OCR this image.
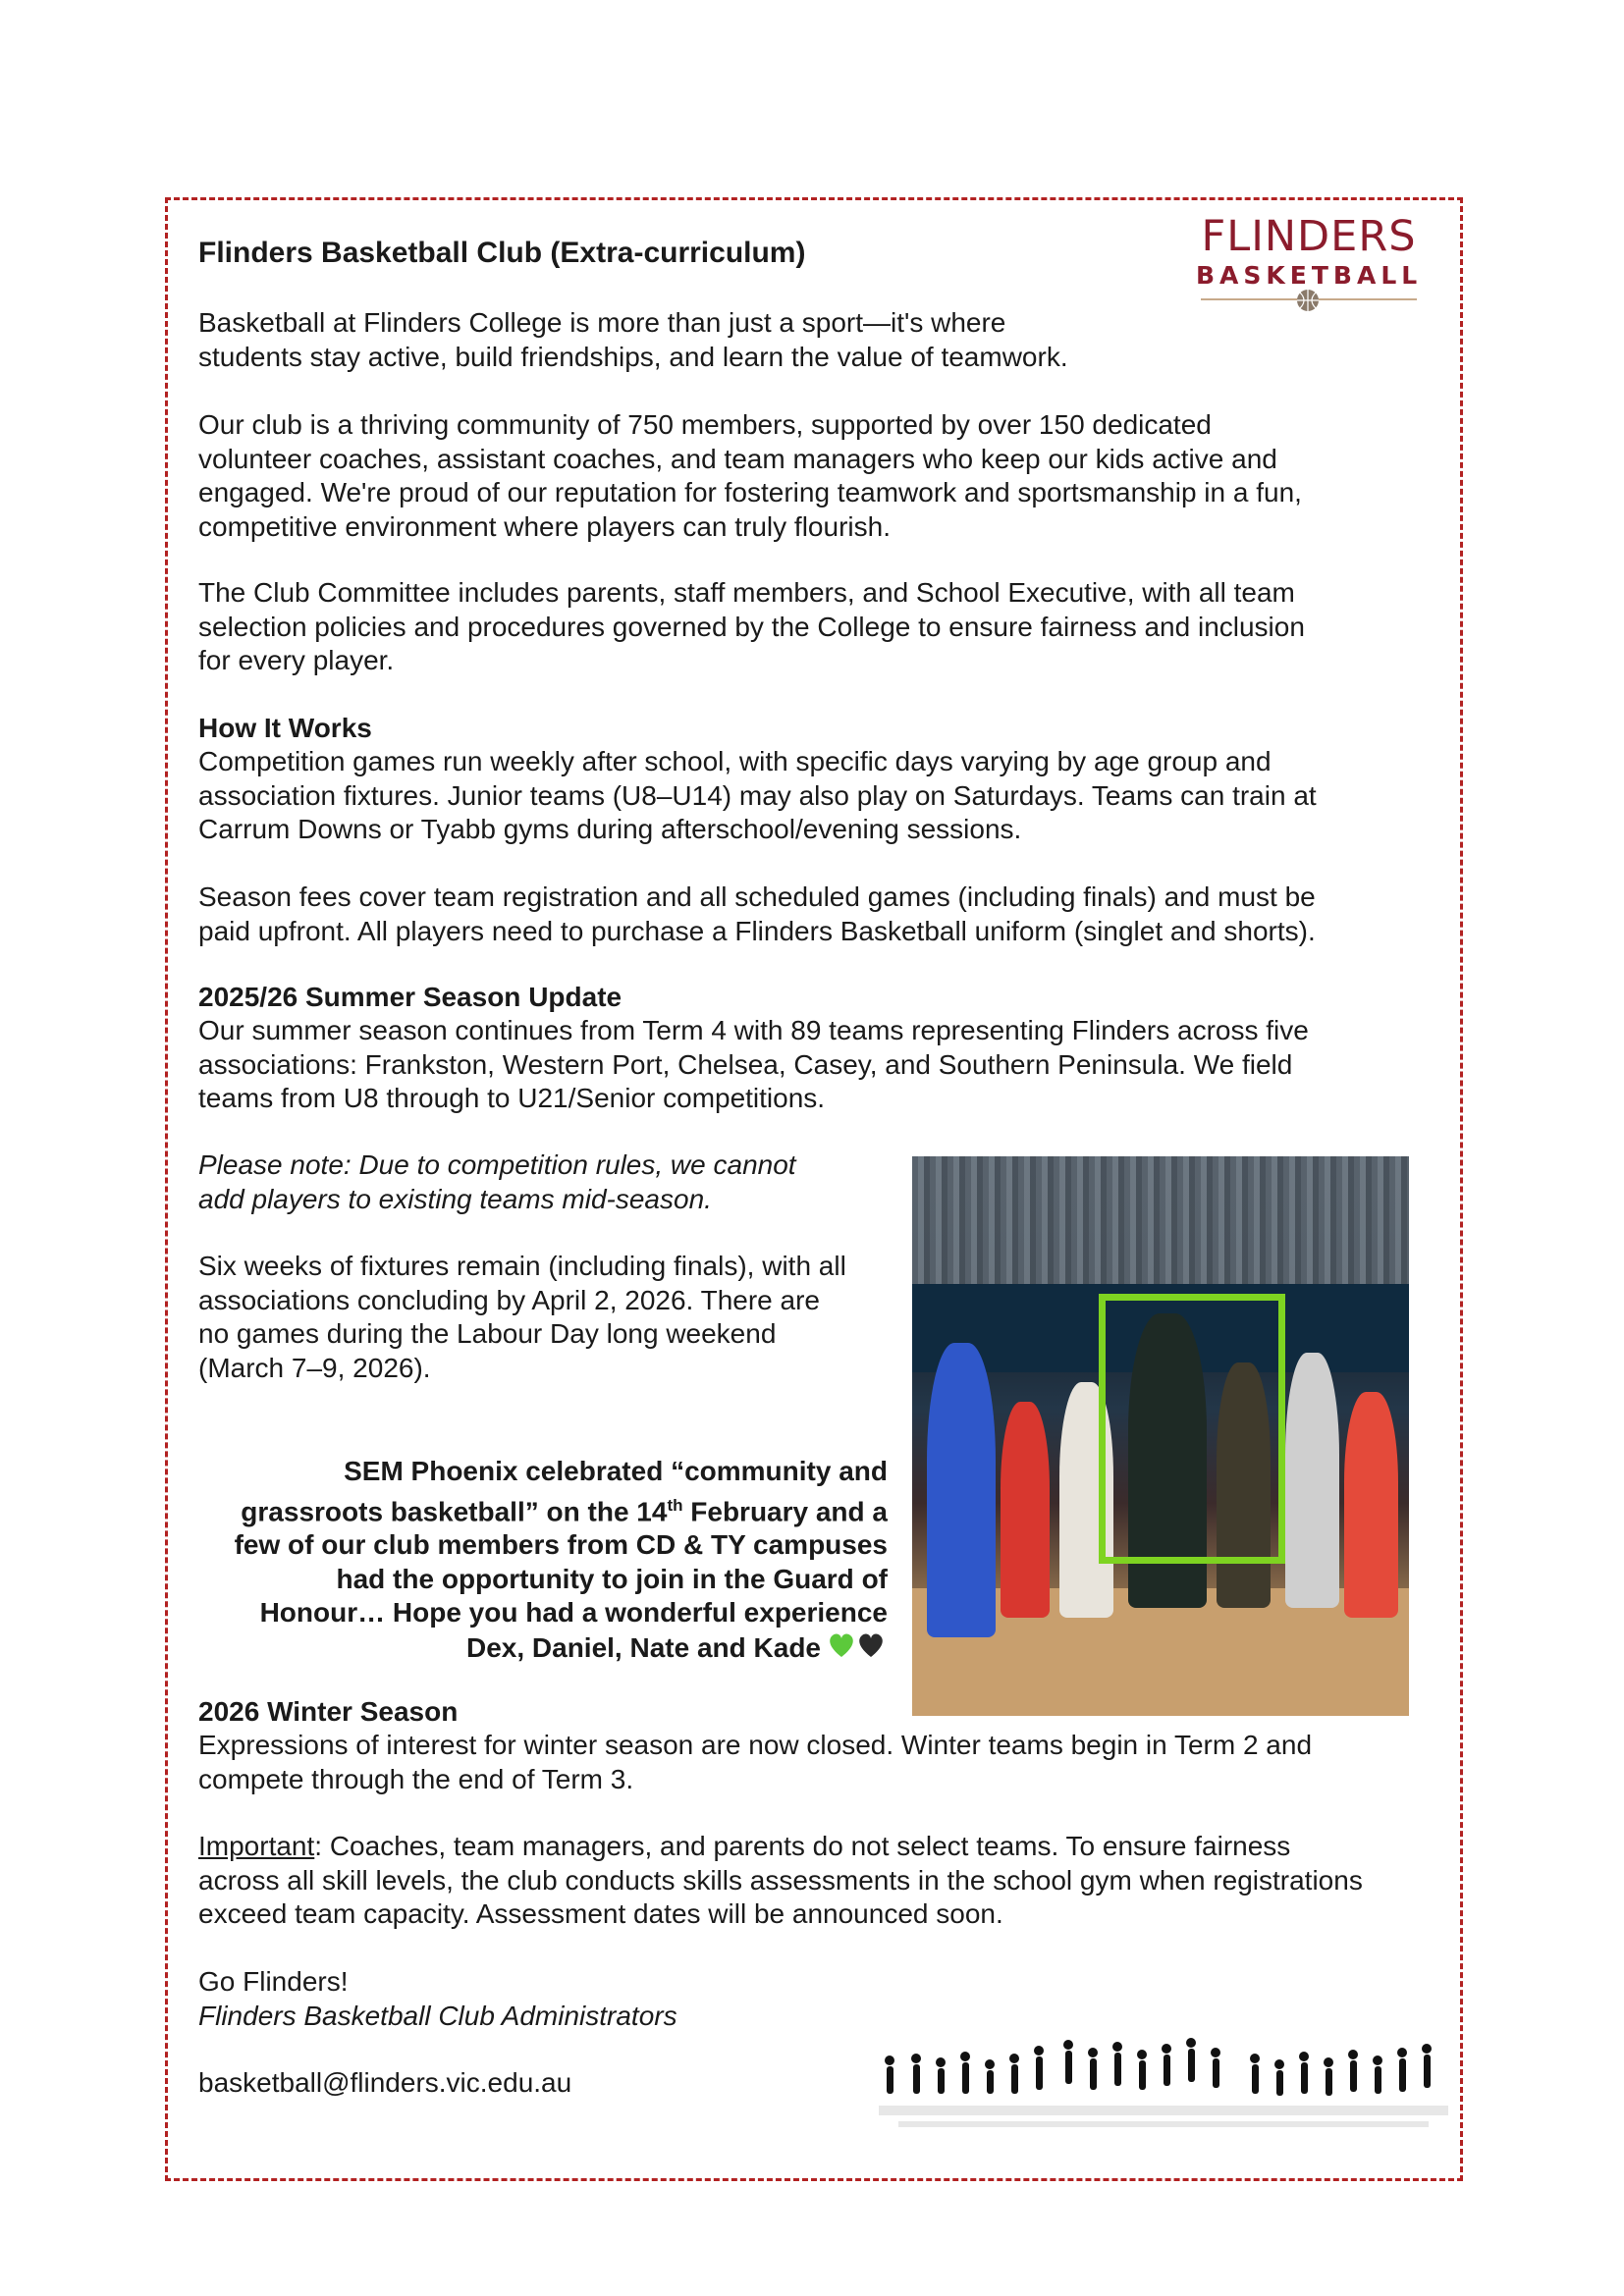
FLINDERS
BASKETBALL
Flinders Basketball Club (Extra-curriculum)
Basketball at Flinders College is more than just a sport—it's where
students stay active, build friendships, and learn the value of teamwork.
Our club is a thriving community of 750 members, supported by over 150 dedicated
volunteer coaches, assistant coaches, and team managers who keep our kids active and
engaged. We're proud of our reputation for fostering teamwork and sportsmanship in a fun,
competitive environment where players can truly flourish.
The Club Committee includes parents, staff members, and School Executive, with all team
selection policies and procedures governed by the College to ensure fairness and inclusion
for every player.
How It Works
Competition games run weekly after school, with specific days varying by age group and
association fixtures. Junior teams (U8–U14) may also play on Saturdays. Teams can train at
Carrum Downs or Tyabb gyms during afterschool/evening sessions.
Season fees cover team registration and all scheduled games (including finals) and must be
paid upfront. All players need to purchase a Flinders Basketball uniform (singlet and shorts).
2025/26 Summer Season Update
Our summer season continues from Term 4 with 89 teams representing Flinders across five
associations: Frankston, Western Port, Chelsea, Casey, and Southern Peninsula. We field
teams from U8 through to U21/Senior competitions.
Please note: Due to competition rules, we cannot
add players to existing teams mid-season.
Six weeks of fixtures remain (including finals), with all
associations concluding by April 2, 2026. There are
no games during the Labour Day long weekend
(March 7–9, 2026).
SEM Phoenix celebrated “community and
grassroots basketball” on the 14th February and a
few of our club members from CD & TY campuses
had the opportunity to join in the Guard of
Honour… Hope you had a wonderful experience
Dex, Daniel, Nate and Kade
2026 Winter Season
Expressions of interest for winter season are now closed. Winter teams begin in Term 2 and
compete through the end of Term 3.
Important: Coaches, team managers, and parents do not select teams. To ensure fairness
across all skill levels, the club conducts skills assessments in the school gym when registrations
exceed team capacity. Assessment dates will be announced soon.
Go Flinders!
Flinders Basketball Club Administrators
basketball@flinders.vic.edu.au
